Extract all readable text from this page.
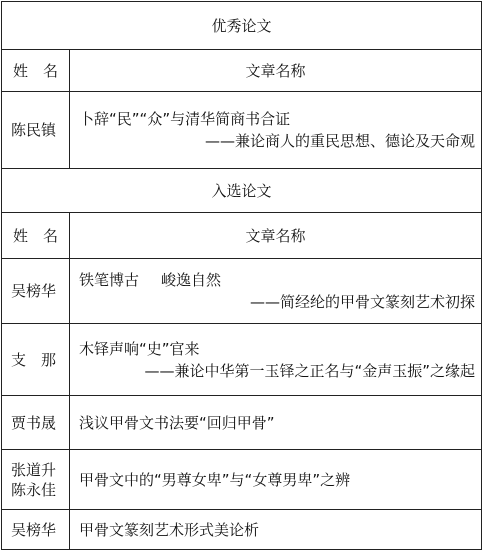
优秀论文	
姓　名	文章名称
陈民镇	卜辞“民”“众”与清华简商书合证
——兼论商人的重民思想、德论及天命观

入选论文	
姓　名	文章名称
吴榜华	铁笔博古 峻逸自然
——简经纶的甲骨文篆刻艺术初探

支　那	木铎声响“史”官来
——兼论中华第一玉铎之正名与“金声玉振”之缘起

贾书晟	浅议甲骨文书法要“回归甲骨”

张道升
陈永佳	甲骨文中的“男尊女卑”与“女尊男卑”之辨

吴榜华	甲骨文篆刻艺术形式美论析
